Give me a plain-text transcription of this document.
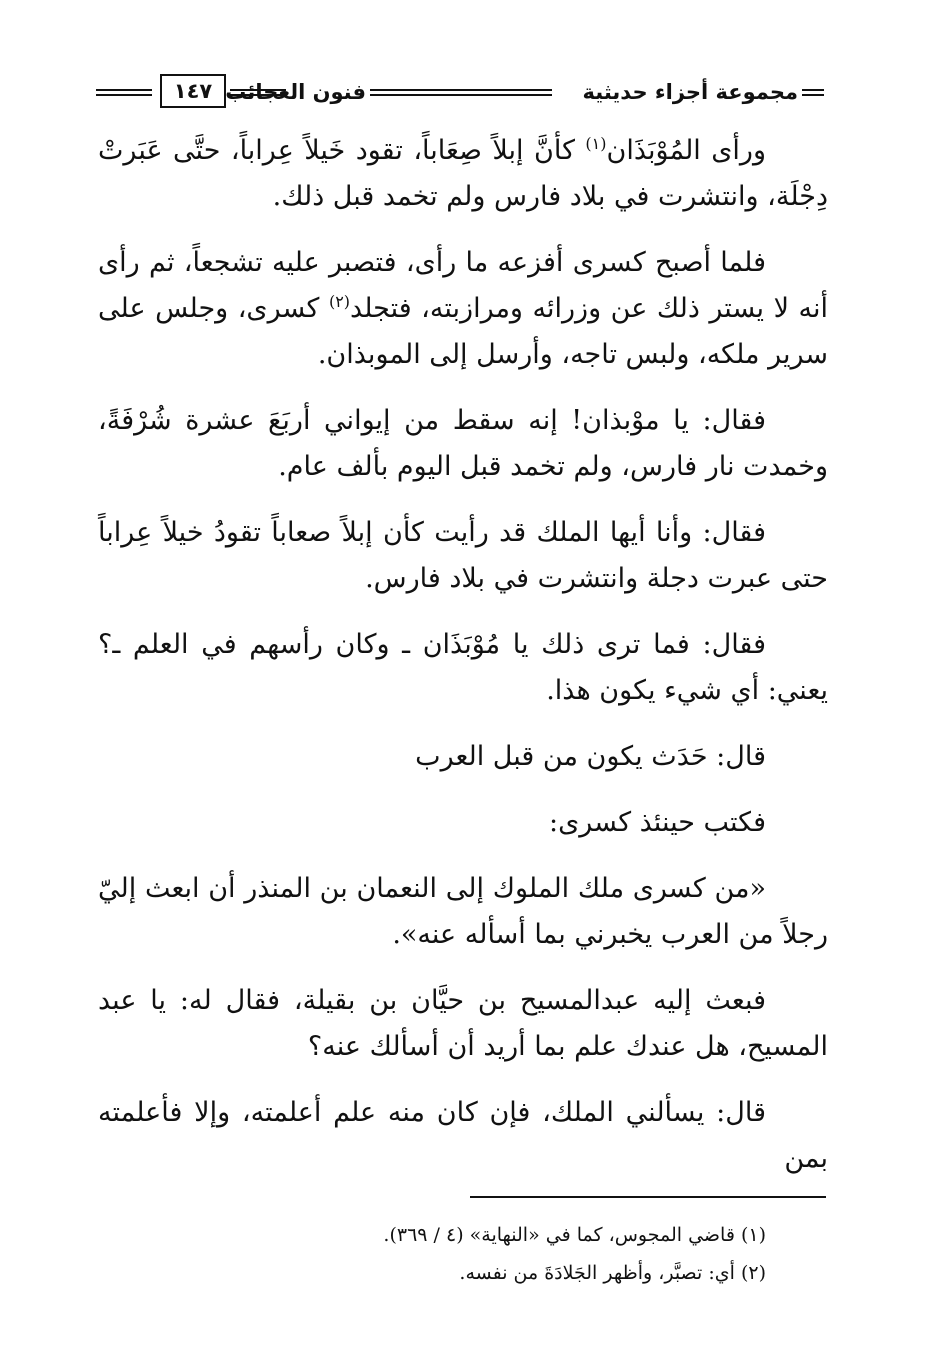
مجموعة أجزاء حديثية
فنون العجائب
١٤٧

ورأى المُوْبَذَان$^{(١)}$ كأنَّ إبلاً صِعَاباً، تقود خَيلاً عِراباً، حتَّى عَبَرتْ دِجْلَة، وانتشرت في بلاد فارس ولم تخمد قبل ذلك.

فلما أصبح كسرى أفزعه ما رأى، فتصبر عليه تشجعاً، ثم رأى أنه لا يستر ذلك عن وزرائه ومرازبته، فتجلد$^{(٢)}$ كسرى، وجلس على سرير ملكه، ولبس تاجه، وأرسل إلى الموبذان.

فقال: يا موْبذان! إنه سقط من إيواني أربَعَ عشرة شُرْفَةً، وخمدت نار فارس، ولم تخمد قبل اليوم بألف عام.

فقال: وأنا أيها الملك قد رأيت كأن إبلاً صعاباً تقودُ خيلاً عِراباً حتى عبرت دجلة وانتشرت في بلاد فارس.

فقال: فما ترى ذلك يا مُوْبَذَان ـ وكان رأسهم في العلم ـ؟ يعني: أي شيء يكون هذا.

قال: حَدَث يكون من قبل العرب

فكتب حينئذ كسرى:

«من كسرى ملك الملوك إلى النعمان بن المنذر أن ابعث إليّ رجلاً من العرب يخبرني بما أسأله عنه».

فبعث إليه عبدالمسيح بن حيَّان بن بقيلة، فقال له: يا عبد المسيح، هل عندك علم بما أريد أن أسألك عنه؟

قال: يسألني الملك، فإن كان منه علم أعلمته، وإلا فأعلمته بمن

(١) قاضي المجوس، كما في «النهاية» (٤ / ٣٦٩).

(٢) أي: تصبَّر، وأظهر الجَلادَةَ من نفسه.
